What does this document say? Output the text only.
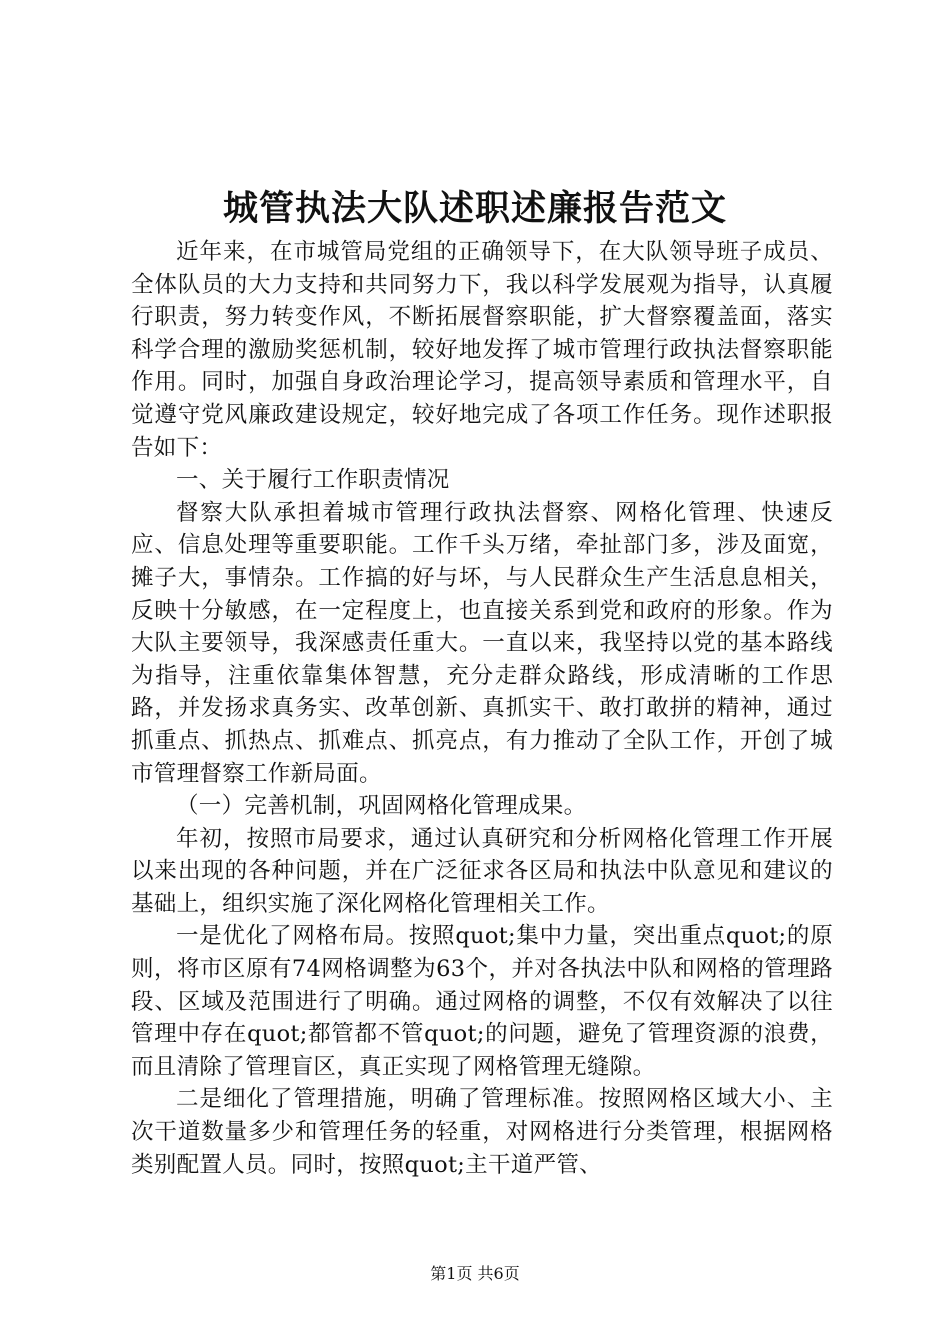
城管执法大队述职述廉报告范文

近年来，在市城管局党组的正确领导下，在大队领导班子成员、全体队员的大力支持和共同努力下，我以科学发展观为指导，认真履行职责，努力转变作风，不断拓展督察职能，扩大督察覆盖面，落实科学合理的激励奖惩机制，较好地发挥了城市管理行政执法督察职能作用。同时，加强自身政治理论学习，提高领导素质和管理水平，自觉遵守党风廉政建设规定，较好地完成了各项工作任务。现作述职报告如下：

一、关于履行工作职责情况

督察大队承担着城市管理行政执法督察、网格化管理、快速反应、信息处理等重要职能。工作千头万绪，牵扯部门多，涉及面宽，摊子大，事情杂。工作搞的好与坏，与人民群众生产生活息息相关，反映十分敏感，在一定程度上，也直接关系到党和政府的形象。作为大队主要领导，我深感责任重大。一直以来，我坚持以党的基本路线为指导，注重依靠集体智慧，充分走群众路线，形成清晰的工作思路，并发扬求真务实、改革创新、真抓实干、敢打敢拼的精神，通过抓重点、抓热点、抓难点、抓亮点，有力推动了全队工作，开创了城市管理督察工作新局面。

（一）完善机制，巩固网格化管理成果。

年初，按照市局要求，通过认真研究和分析网格化管理工作开展以来出现的各种问题，并在广泛征求各区局和执法中队意见和建议的基础上，组织实施了深化网格化管理相关工作。

一是优化了网格布局。按照quot;集中力量，突出重点quot;的原则，将市区原有74网格调整为63个，并对各执法中队和网格的管理路段、区域及范围进行了明确。通过网格的调整，不仅有效解决了以往管理中存在quot;都管都不管quot;的问题，避免了管理资源的浪费，而且清除了管理盲区，真正实现了网格管理无缝隙。

二是细化了管理措施，明确了管理标准。按照网格区域大小、主次干道数量多少和管理任务的轻重，对网格进行分类管理，根据网格类别配置人员。同时，按照quot;主干道严管、

第1页 共6页
